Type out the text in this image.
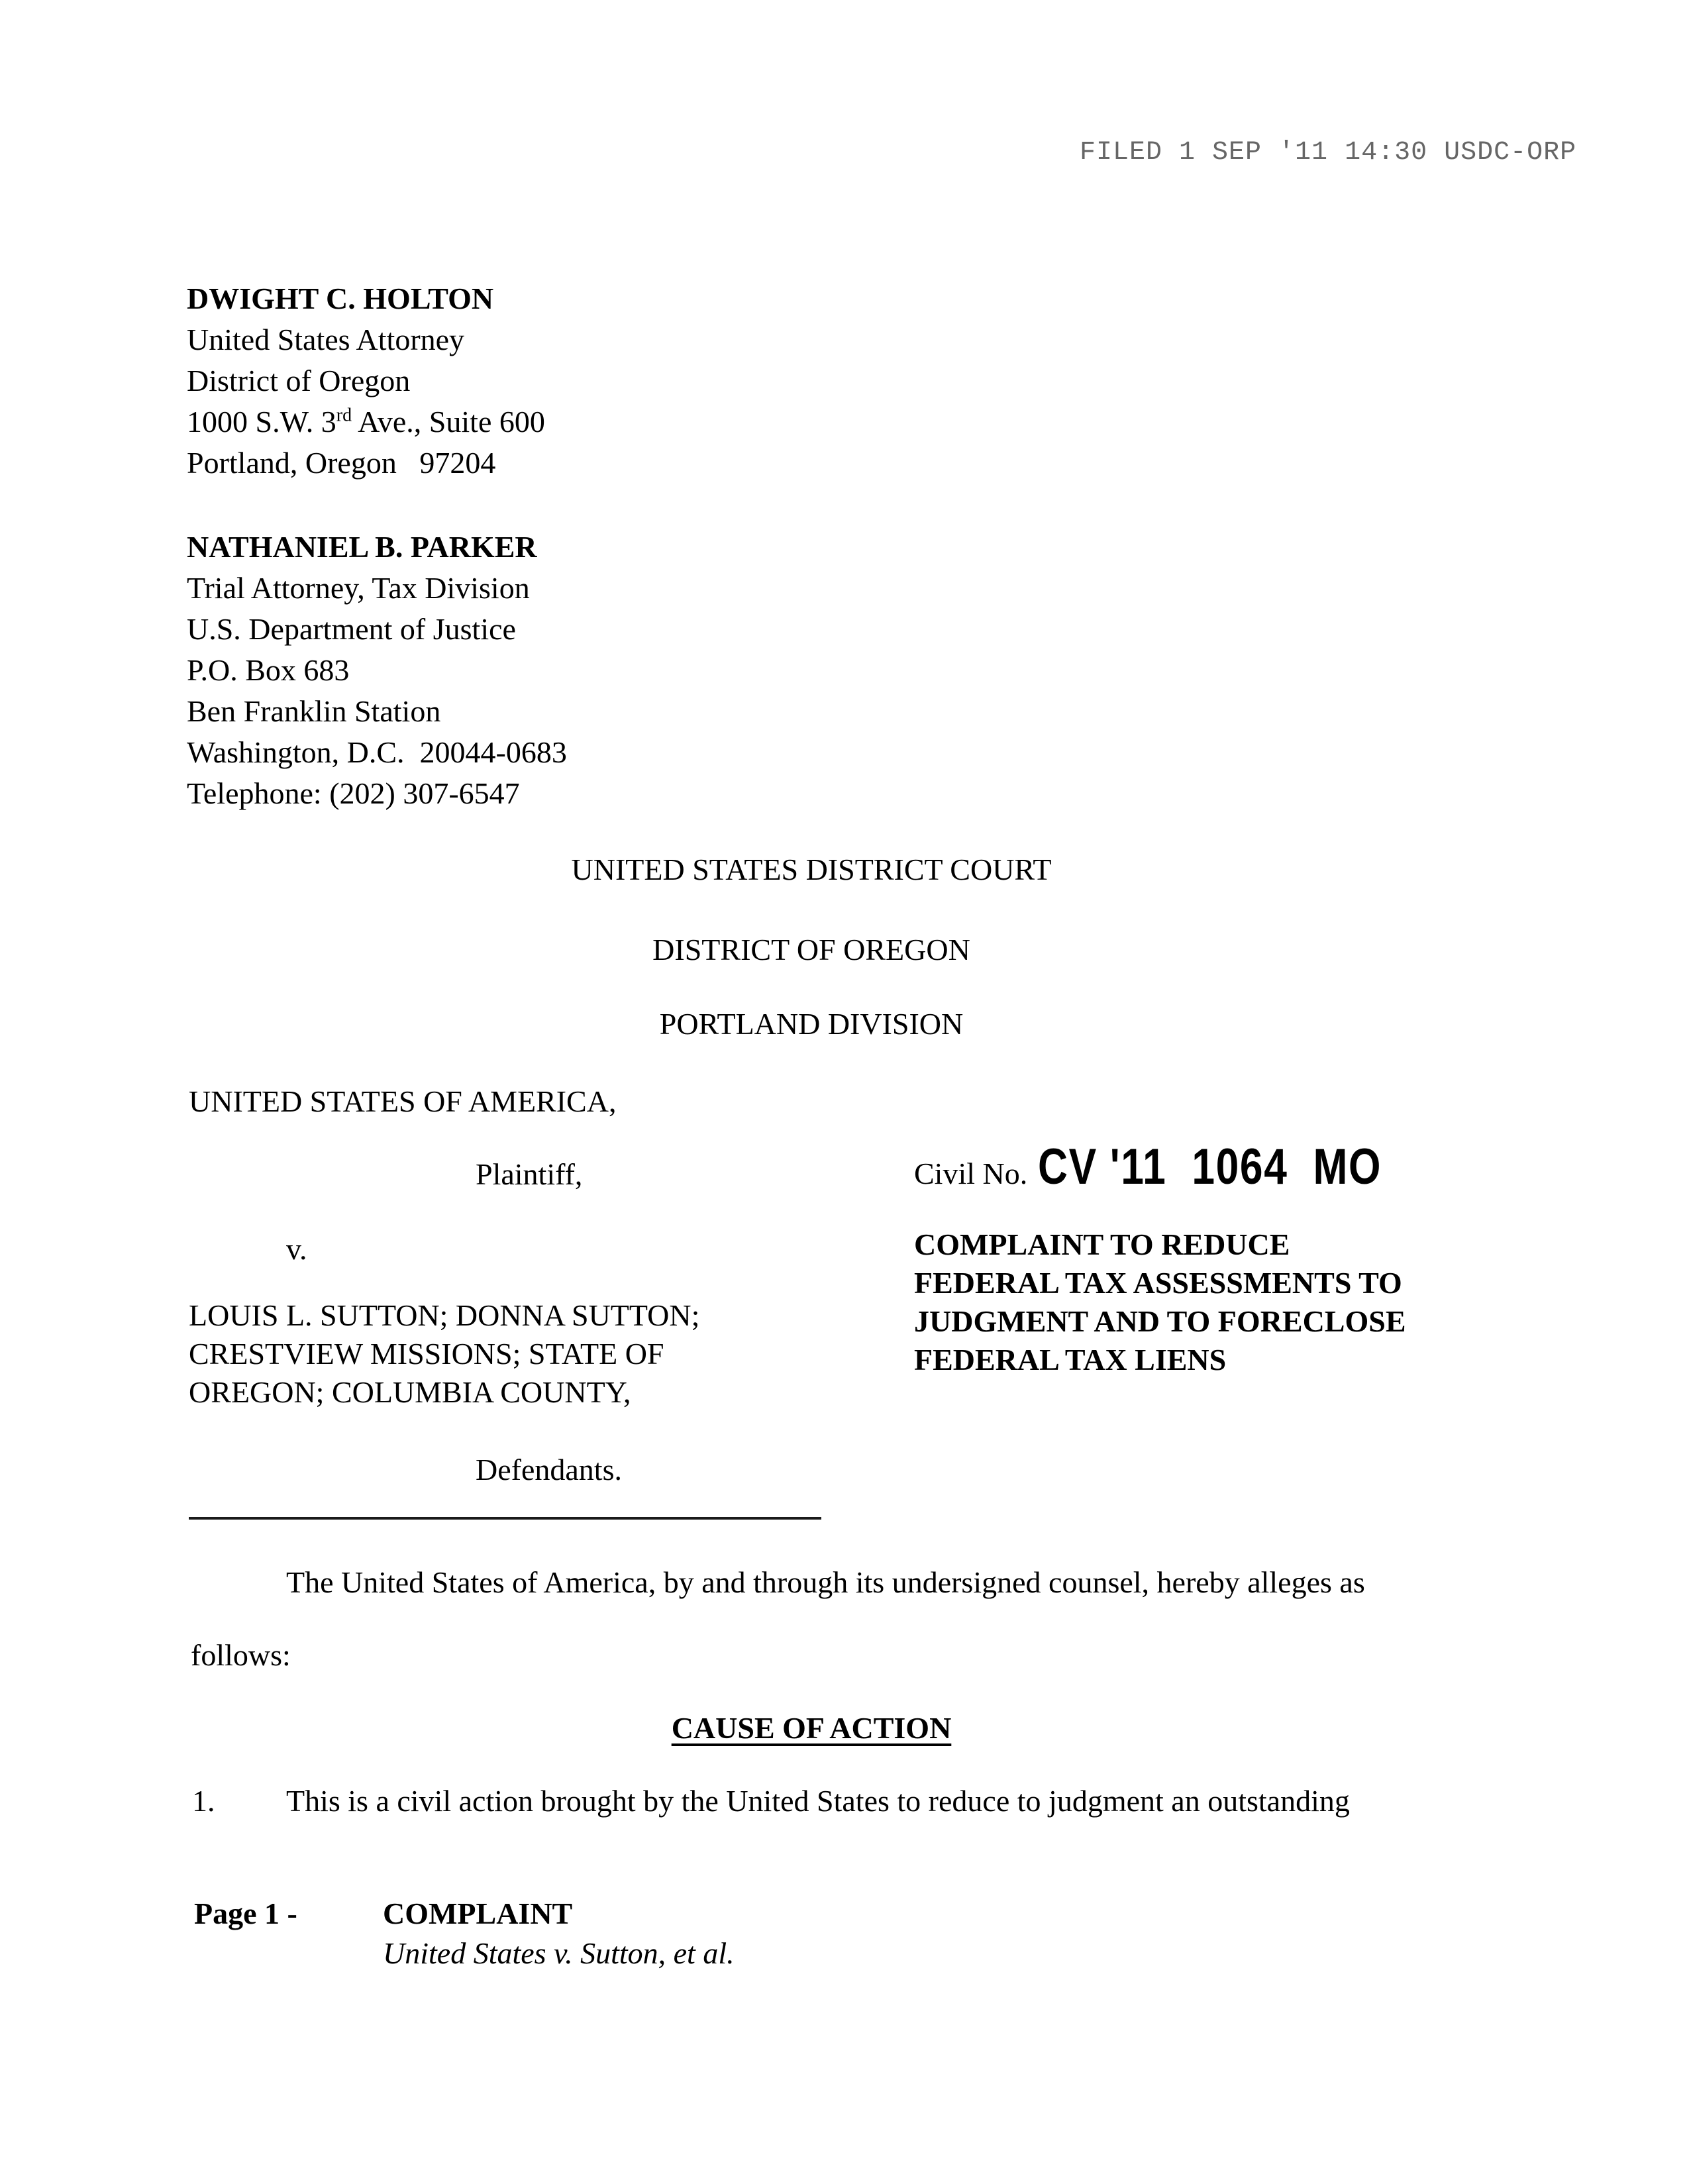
FILED 1 SEP '11 14:30 USDC-ORP
DWIGHT C. HOLTON
United States Attorney
District of Oregon
1000 S.W. 3rd Ave., Suite 600
Portland, Oregon   97204
NATHANIEL B. PARKER
Trial Attorney, Tax Division
U.S. Department of Justice
P.O. Box 683
Ben Franklin Station
Washington, D.C.  20044-0683
Telephone: (202) 307-6547
UNITED STATES DISTRICT COURT
DISTRICT OF OREGON
PORTLAND DIVISION
UNITED STATES OF AMERICA,
Plaintiff,
v.
LOUIS L. SUTTON; DONNA SUTTON;
CRESTVIEW MISSIONS; STATE OF
OREGON; COLUMBIA COUNTY,
Defendants.
Civil No. CV '11  1064  MO
COMPLAINT TO REDUCE
FEDERAL TAX ASSESSMENTS TO
JUDGMENT AND TO FORECLOSE
FEDERAL TAX LIENS
The United States of America, by and through its undersigned counsel, hereby alleges as
follows:
CAUSE OF ACTION
1. This is a civil action brought by the United States to reduce to judgment an outstanding
Page 1 -	COMPLAINT
United States v. Sutton, et al.
